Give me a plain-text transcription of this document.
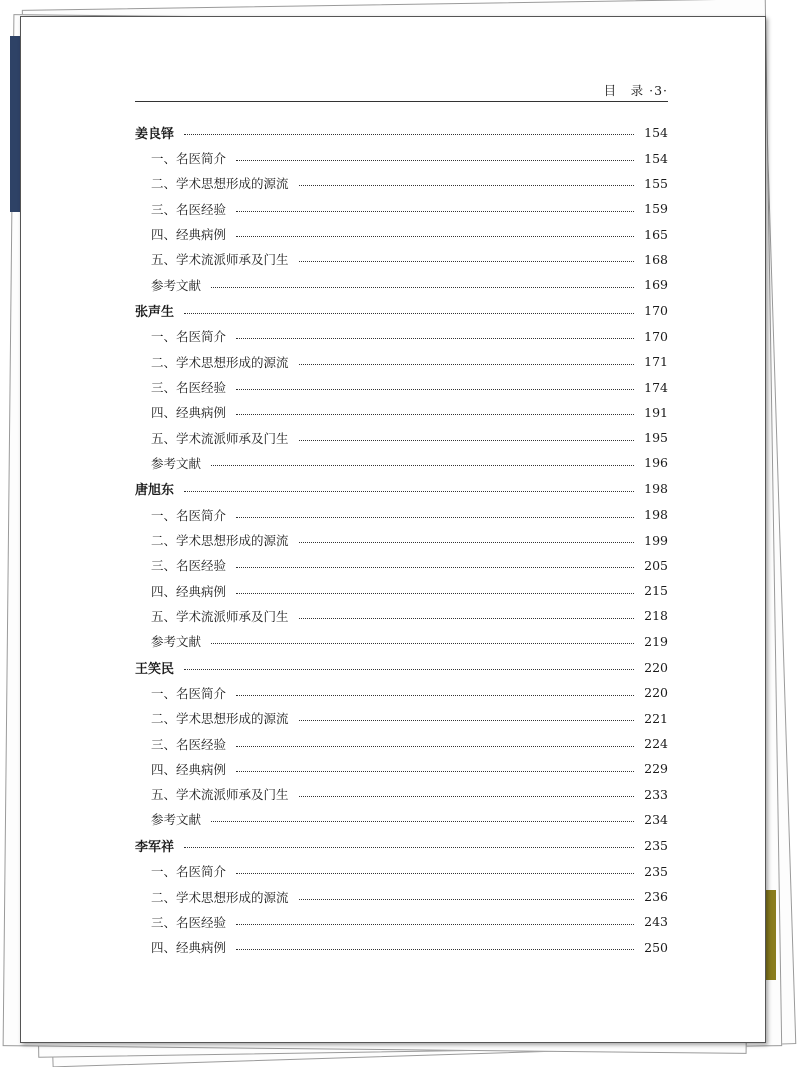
目　录 ·3·
姜良铎	154
一、名医简介	154
二、学术思想形成的源流	155
三、名医经验	159
四、经典病例	165
五、学术流派师承及门生	168
参考文献	169
张声生	170
一、名医简介	170
二、学术思想形成的源流	171
三、名医经验	174
四、经典病例	191
五、学术流派师承及门生	195
参考文献	196
唐旭东	198
一、名医简介	198
二、学术思想形成的源流	199
三、名医经验	205
四、经典病例	215
五、学术流派师承及门生	218
参考文献	219
王笑民	220
一、名医简介	220
二、学术思想形成的源流	221
三、名医经验	224
四、经典病例	229
五、学术流派师承及门生	233
参考文献	234
李军祥	235
一、名医简介	235
二、学术思想形成的源流	236
三、名医经验	243
四、经典病例	250
